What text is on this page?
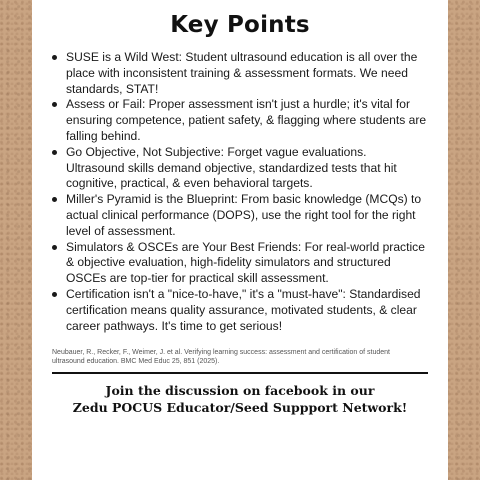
Key Points
SUSE is a Wild West: Student ultrasound education is all over the place with inconsistent training & assessment formats. We need standards, STAT!
Assess or Fail: Proper assessment isn't just a hurdle; it's vital for ensuring competence, patient safety, & flagging where students are falling behind.
Go Objective, Not Subjective: Forget vague evaluations. Ultrasound skills demand objective, standardized tests that hit cognitive, practical, & even behavioral targets.
Miller's Pyramid is the Blueprint: From basic knowledge (MCQs) to actual clinical performance (DOPS), use the right tool for the right level of assessment.
Simulators & OSCEs are Your Best Friends: For real-world practice & objective evaluation, high-fidelity simulators and structured OSCEs are top-tier for practical skill assessment.
Certification isn't a "nice-to-have," it's a "must-have": Standardised certification means quality assurance, motivated students, & clear career pathways. It's time to get serious!
Neubauer, R., Recker, F., Weimer, J. et al. Verifying learning success: assessment and certification of student ultrasound education. BMC Med Educ 25, 851 (2025).
Join the discussion on facebook in our
Zedu POCUS Educator/Seed Suppport Network!
